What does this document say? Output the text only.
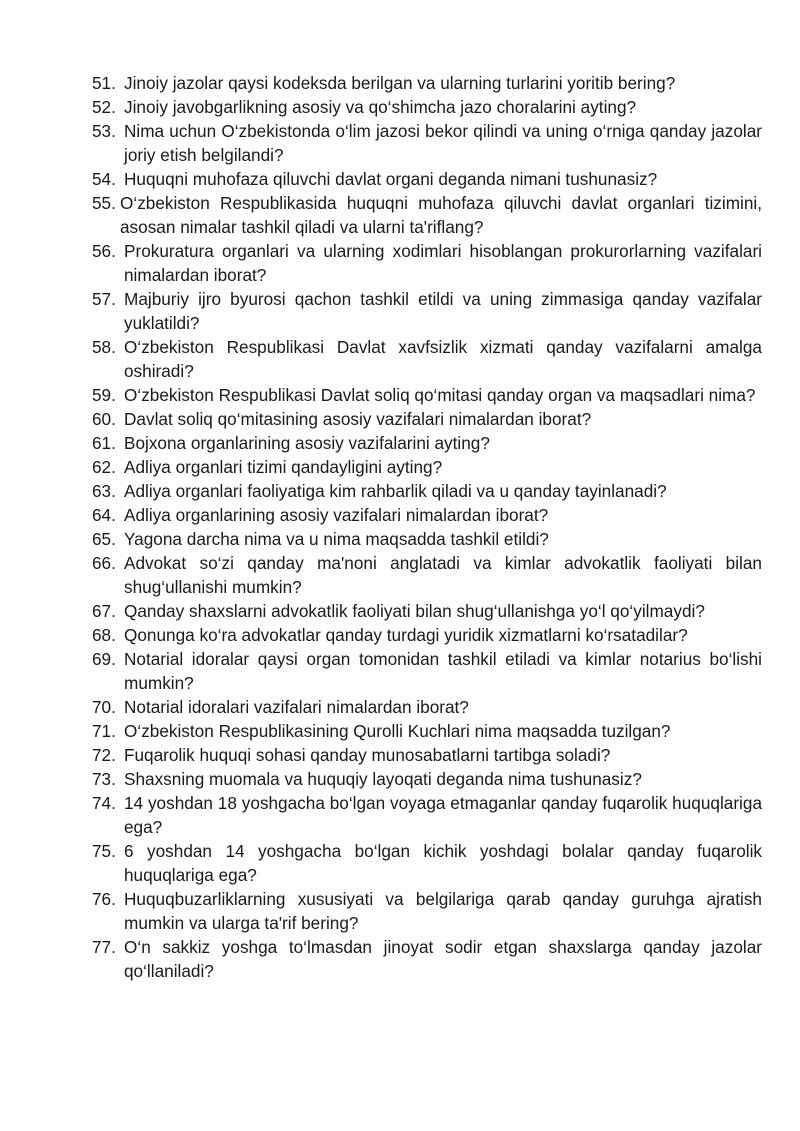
51. Jinoiy jazolar qaysi kodeksda berilgan va ularning turlarini yoritib bering?
52. Jinoiy javobgarlikning asosiy va qo‘shimcha jazo choralarini ayting?
53. Nima uchun O‘zbekistonda o‘lim jazosi bekor qilindi va uning o‘rniga qanday jazolar joriy etish belgilandi?
54. Huquqni muhofaza qiluvchi davlat organi deganda nimani tushunasiz?
55. O‘zbekiston Respublikasida huquqni muhofaza qiluvchi davlat organlari tizimini, asosan nimalar tashkil qiladi va ularni ta'riflang?
56. Prokuratura organlari va ularning xodimlari hisoblangan prokurorlarning vazifalari nimalardan iborat?
57. Majburiy ijro byurosi qachon tashkil etildi va uning zimmasiga qanday vazifalar yuklatildi?
58. O‘zbekiston Respublikasi Davlat xavfsizlik xizmati qanday vazifalarni amalga oshiradi?
59. O‘zbekiston Respublikasi Davlat soliq qo‘mitasi qanday organ va maqsadlari nima?
60. Davlat soliq qo‘mitasining asosiy vazifalari nimalardan iborat?
61. Bojxona organlarining asosiy vazifalarini ayting?
62. Adliya organlari tizimi qandayligini ayting?
63. Adliya organlari faoliyatiga kim rahbarlik qiladi va u qanday tayinlanadi?
64. Adliya organlarining asosiy vazifalari nimalardan iborat?
65. Yagona darcha nima va u nima maqsadda tashkil etildi?
66. Advokat so‘zi qanday ma'noni anglatadi va kimlar advokatlik faoliyati bilan shug‘ullanishi mumkin?
67. Qanday shaxslarni advokatlik faoliyati bilan shug‘ullanishga yo‘l qo‘yilmaydi?
68. Qonunga ko‘ra advokatlar qanday turdagi yuridik xizmatlarni ko‘rsatadilar?
69. Notarial idoralar qaysi organ tomonidan tashkil etiladi va kimlar notarius bo‘lishi mumkin?
70. Notarial idoralari vazifalari nimalardan iborat?
71. O‘zbekiston Respublikasining Qurolli Kuchlari nima maqsadda tuzilgan?
72. Fuqarolik huquqi sohasi qanday munosabatlarni tartibga soladi?
73. Shaxsning muomala va huquqiy layoqati deganda nima tushunasiz?
74. 14 yoshdan 18 yoshgacha bo‘lgan voyaga etmaganlar qanday fuqarolik huquqlariga ega?
75. 6 yoshdan 14 yoshgacha bo‘lgan kichik yoshdagi bolalar qanday fuqarolik huquqlariga ega?
76. Huquqbuzarliklarning xususiyati va belgilariga qarab qanday guruhga ajratish mumkin va ularga ta'rif bering?
77. O‘n sakkiz yoshga to‘lmasdan jinoyat sodir etgan shaxslarga qanday jazolar qo‘llaniladi?
